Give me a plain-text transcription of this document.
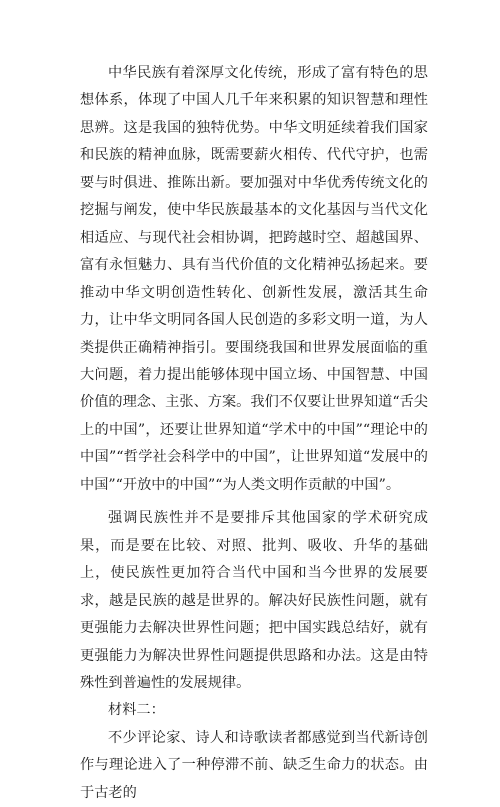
中华民族有着深厚文化传统，形成了富有特色的思想体系，体现了中国人几千年来积累的知识智慧和理性思辨。这是我国的独特优势。中华文明延续着我们国家和民族的精神血脉，既需要薪火相传、代代守护，也需要与时俱进、推陈出新。要加强对中华优秀传统文化的挖掘与阐发，使中华民族最基本的文化基因与当代文化相适应、与现代社会相协调，把跨越时空、超越国界、富有永恒魅力、具有当代价值的文化精神弘扬起来。要推动中华文明创造性转化、创新性发展，激活其生命力，让中华文明同各国人民创造的多彩文明一道，为人类提供正确精神指引。要围绕我国和世界发展面临的重大问题，着力提出能够体现中国立场、中国智慧、中国价值的理念、主张、方案。我们不仅要让世界知道“舌尖上的中国”，还要让世界知道“学术中的中国”“理论中的中国”“哲学社会科学中的中国”，让世界知道“发展中的中国”“开放中的中国”“为人类文明作贡献的中国”。

强调民族性并不是要排斥其他国家的学术研究成果，而是要在比较、对照、批判、吸收、升华的基础上，使民族性更加符合当代中国和当今世界的发展要求，越是民族的越是世界的。解决好民族性问题，就有更强能力去解决世界性问题；把中国实践总结好，就有更强能力为解决世界性问题提供思路和办法。这是由特殊性到普遍性的发展规律。

材料二：

不少评论家、诗人和诗歌读者都感觉到当代新诗创作与理论进入了一种停滞不前、缺乏生命力的状态。由于古老的
